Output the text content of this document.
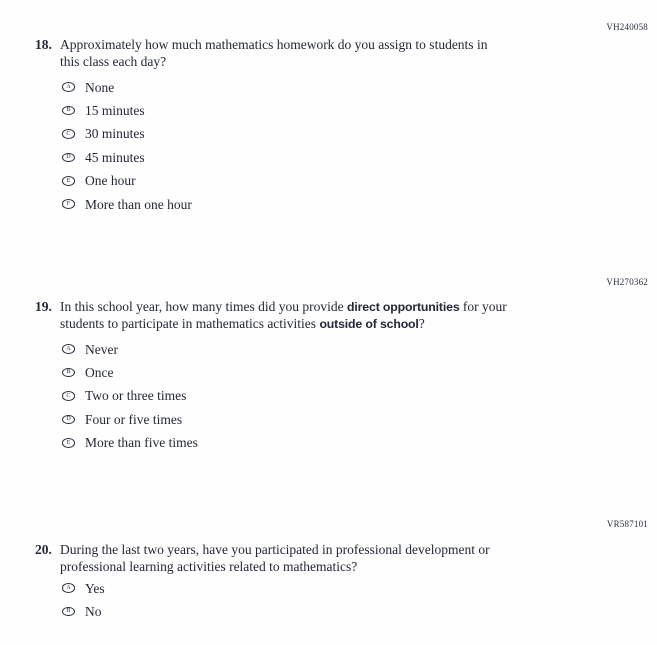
VH240058
18. Approximately how much mathematics homework do you assign to students in
this class each day?
A None
B 15 minutes
C 30 minutes
D 45 minutes
E One hour
F More than one hour
VH270362
19. In this school year, how many times did you provide direct opportunities for your
students to participate in mathematics activities outside of school?
A Never
B Once
C Two or three times
D Four or five times
E More than five times
VR587101
20. During the last two years, have you participated in professional development or
professional learning activities related to mathematics?
A Yes
B No
